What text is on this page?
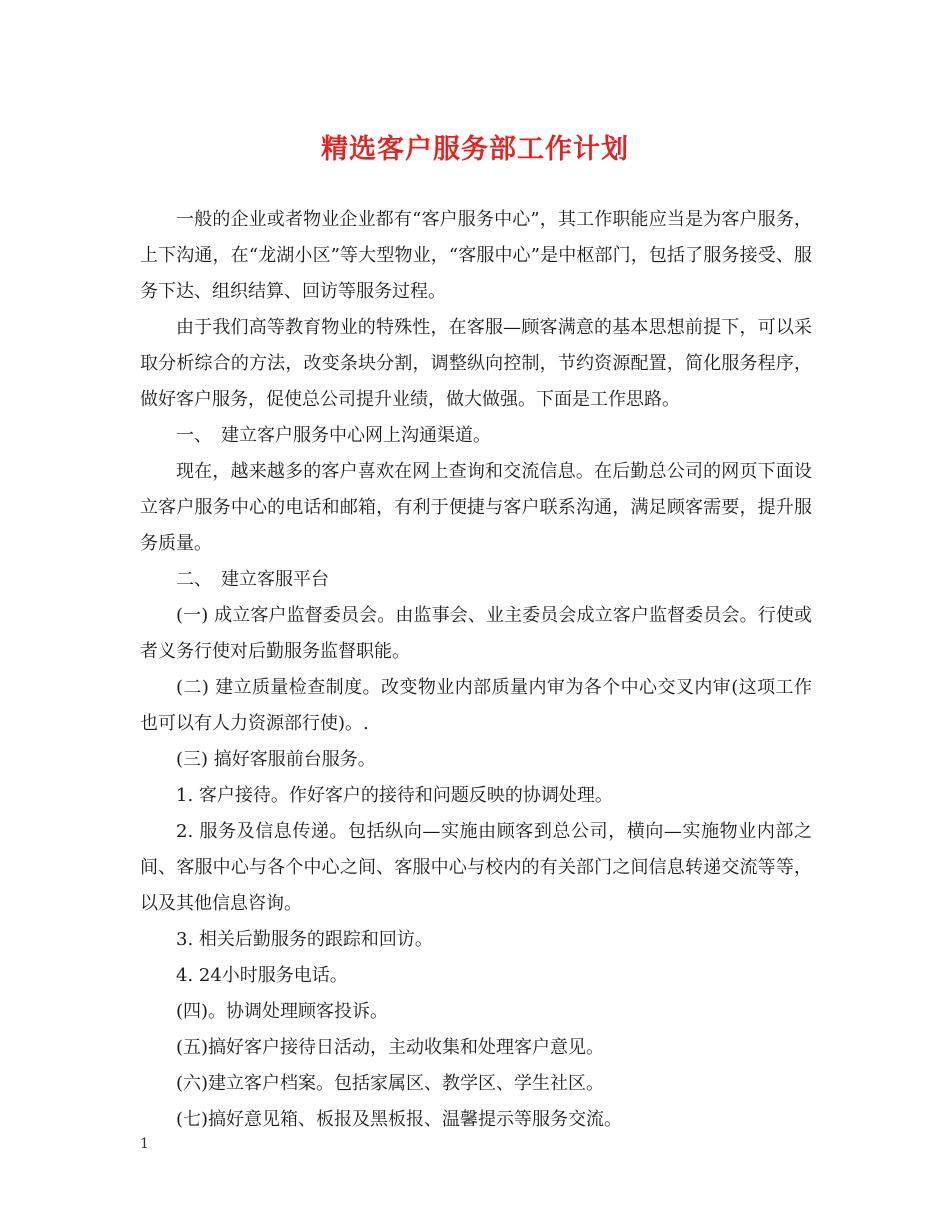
精选客户服务部工作计划

一般的企业或者物业企业都有“客户服务中心”，其工作职能应当是为客户服务，上下沟通，在“龙湖小区”等大型物业，“客服中心”是中枢部门，包括了服务接受、服务下达、组织结算、回访等服务过程。

由于我们高等教育物业的特殊性，在客服—顾客满意的基本思想前提下，可以采取分析综合的方法，改变条块分割，调整纵向控制，节约资源配置，简化服务程序，做好客户服务，促使总公司提升业绩，做大做强。下面是工作思路。

一、　建立客户服务中心网上沟通渠道。

现在，越来越多的客户喜欢在网上查询和交流信息。在后勤总公司的网页下面设立客户服务中心的电话和邮箱，有利于便捷与客户联系沟通，满足顾客需要，提升服务质量。

二、　建立客服平台

(一) 成立客户监督委员会。由监事会、业主委员会成立客户监督委员会。行使或者义务行使对后勤服务监督职能。

(二) 建立质量检查制度。改变物业内部质量内审为各个中心交叉内审(这项工作也可以有人力资源部行使)。.

(三) 搞好客服前台服务。

1. 客户接待。作好客户的接待和问题反映的协调处理。

2. 服务及信息传递。包括纵向—实施由顾客到总公司，横向—实施物业内部之间、客服中心与各个中心之间、客服中心与校内的有关部门之间信息转递交流等等，以及其他信息咨询。

3. 相关后勤服务的跟踪和回访。

4. 24小时服务电话。

(四)。协调处理顾客投诉。

(五)搞好客户接待日活动，主动收集和处理客户意见。

(六)建立客户档案。包括家属区、教学区、学生社区。

(七)搞好意见箱、板报及黑板报、温馨提示等服务交流。

1
